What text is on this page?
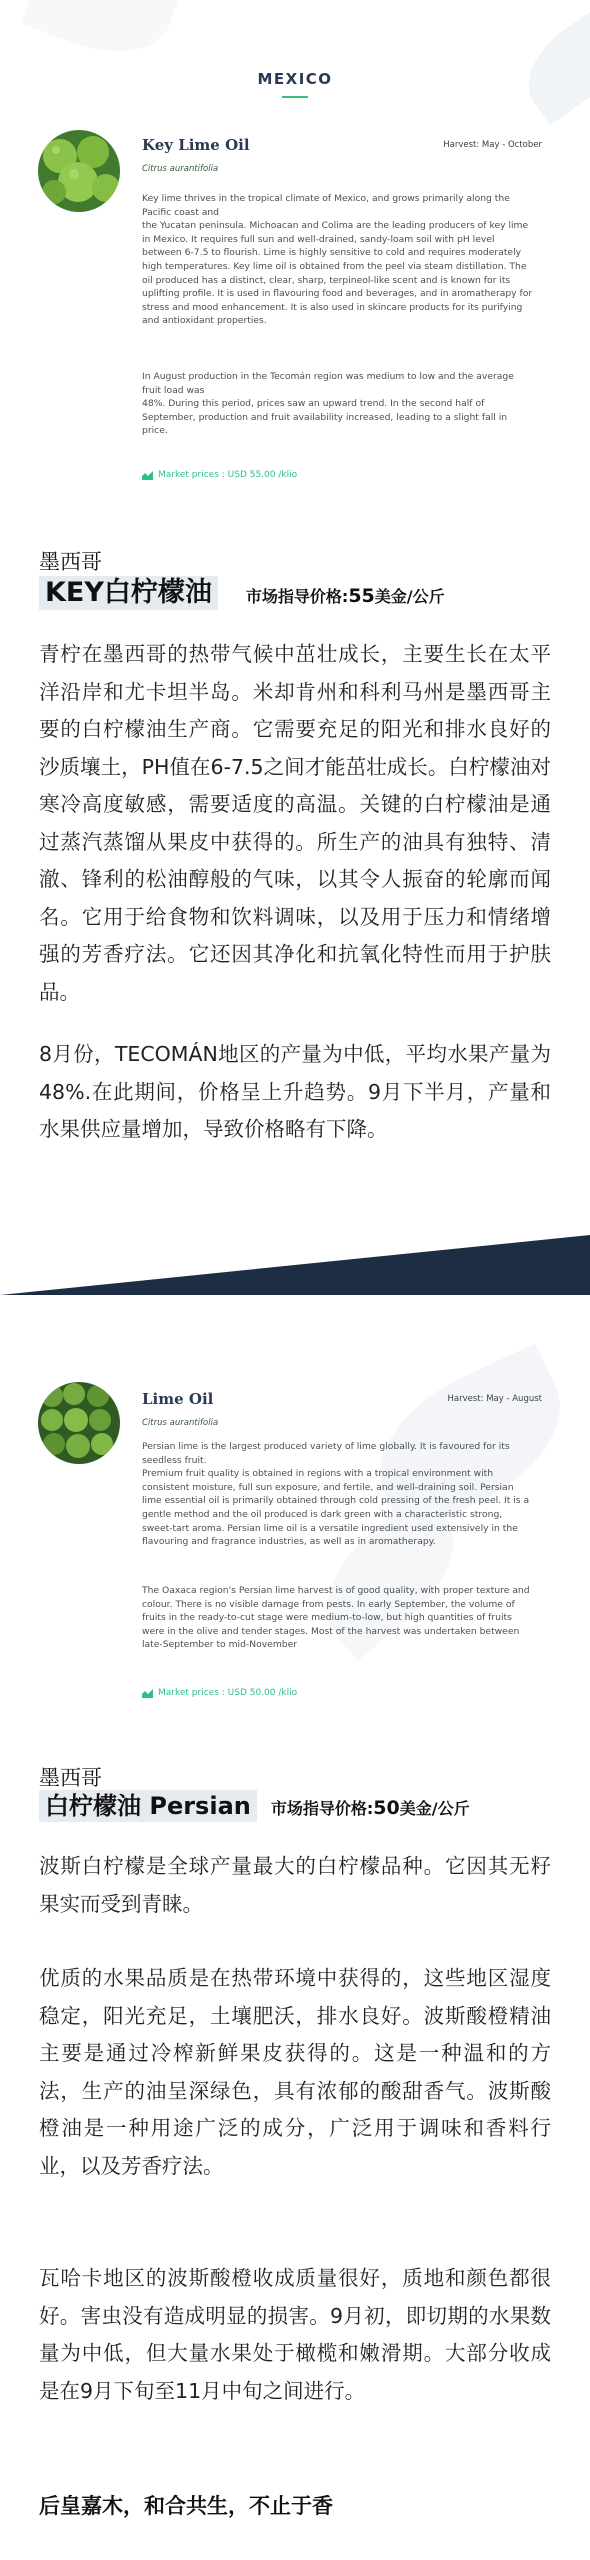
MEXICO
Key Lime Oil	Harvest: May - October
Citrus aurantifolia
Key lime thrives in the tropical climate of Mexico, and grows primarily along the
Pacific coast and
the Yucatan peninsula. Michoacan and Colima are the leading producers of key lime
in Mexico. It requires full sun and well-drained, sandy-loam soil with pH level
between 6-7.5 to flourish. Lime is highly sensitive to cold and requires moderately
high temperatures. Key lime oil is obtained from the peel via steam distillation. The
oil produced has a distinct, clear, sharp, terpineol-like scent and is known for its
uplifting profile. It is used in flavouring food and beverages, and in aromatherapy for
stress and mood enhancement. It is also used in skincare products for its purifying
and antioxidant properties.
In August production in the Tecomán region was medium to low and the average
fruit load was
48%. During this period, prices saw an upward trend. In the second half of
September, production and fruit availability increased, leading to a slight fall in
price.
Market prices : USD 55.00 /klio
墨西哥
KEY白柠檬油	市场指导价格:55美金/公斤

青柠在墨西哥的热带气候中茁壮成长，主要生长在太平洋沿岸和尤卡坦半岛。米却肯州和科利马州是墨西哥主要的白柠檬油生产商。它需要充足的阳光和排水良好的沙质壤土，PH值在6-7.5之间才能茁壮成长。白柠檬油对寒冷高度敏感，需要适度的高温。关键的白柠檬油是通过蒸汽蒸馏从果皮中获得的。所生产的油具有独特、清澈、锋利的松油醇般的气味，以其令人振奋的轮廓而闻名。它用于给食物和饮料调味，以及用于压力和情绪增强的芳香疗法。它还因其净化和抗氧化特性而用于护肤品。

8月份，TECOMÁN地区的产量为中低，平均水果产量为48%.在此期间，价格呈上升趋势。9月下半月，产量和水果供应量增加，导致价格略有下降。

Lime Oil	Harvest: May - August
Citrus aurantifolia
Persian lime is the largest produced variety of lime globally. It is favoured for its
seedless fruit.
Premium fruit quality is obtained in regions with a tropical environment with
consistent moisture, full sun exposure, and fertile, and well-draining soil. Persian
lime essential oil is primarily obtained through cold pressing of the fresh peel. It is a
gentle method and the oil produced is dark green with a characteristic strong,
sweet-tart aroma. Persian lime oil is a versatile ingredient used extensively in the
flavouring and fragrance industries, as well as in aromatherapy.
The Oaxaca region's Persian lime harvest is of good quality, with proper texture and
colour. There is no visible damage from pests. In early September, the volume of
fruits in the ready-to-cut stage were medium-to-low, but high quantities of fruits
were in the olive and tender stages. Most of the harvest was undertaken between
late-September to mid-November
Market prices : USD 50.00 /klio
墨西哥
白柠檬油 Persian	市场指导价格:50美金/公斤

波斯白柠檬是全球产量最大的白柠檬品种。它因其无籽果实而受到青睐。

优质的水果品质是在热带环境中获得的，这些地区湿度稳定，阳光充足，土壤肥沃，排水良好。波斯酸橙精油主要是通过冷榨新鲜果皮获得的。这是一种温和的方法，生产的油呈深绿色，具有浓郁的酸甜香气。波斯酸橙油是一种用途广泛的成分，广泛用于调味和香料行业，以及芳香疗法。

瓦哈卡地区的波斯酸橙收成质量很好，质地和颜色都很好。害虫没有造成明显的损害。9月初，即切期的水果数量为中低，但大量水果处于橄榄和嫩滑期。大部分收成是在9月下旬至11月中旬之间进行。

后皇嘉木，和合共生，不止于香
